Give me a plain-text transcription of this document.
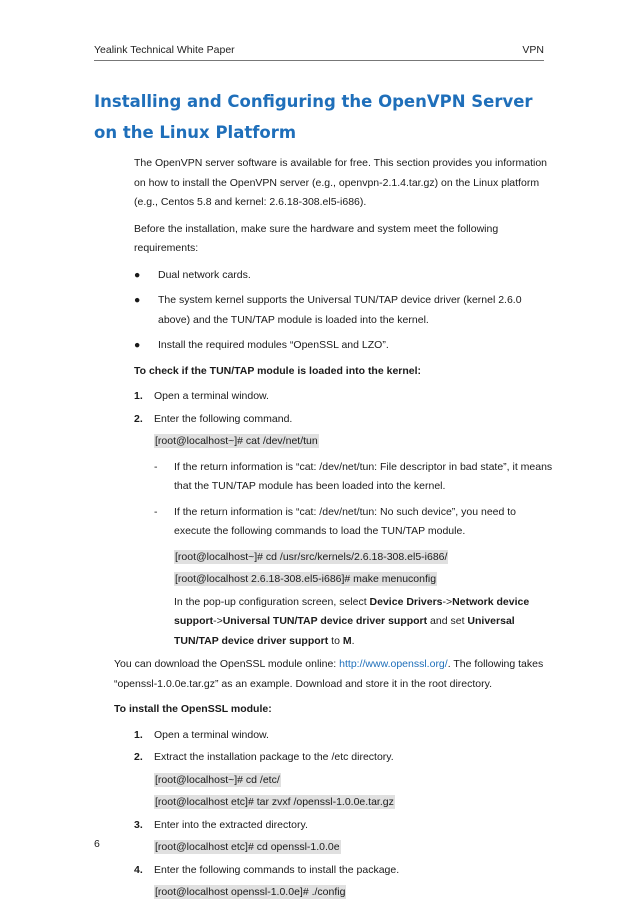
Yealink Technical White Paper	VPN
Installing and Configuring the OpenVPN Server on the Linux Platform

The OpenVPN server software is available for free. This section provides you information on how to install the OpenVPN server (e.g., openvpn-2.1.4.tar.gz) on the Linux platform (e.g., Centos 5.8 and kernel: 2.6.18-308.el5-i686).

Before the installation, make sure the hardware and system meet the following requirements:

● Dual network cards.
● The system kernel supports the Universal TUN/TAP device driver (kernel 2.6.0 above) and the TUN/TAP module is loaded into the kernel.
● Install the required modules “OpenSSL and LZO”.
To check if the TUN/TAP module is loaded into the kernel:
1. Open a terminal window.
2. Enter the following command.
[root@localhost~]# cat /dev/net/tun
- If the return information is “cat: /dev/net/tun: File descriptor in bad state”, it means that the TUN/TAP module has been loaded into the kernel.
- If the return information is “cat: /dev/net/tun: No such device”, you need to execute the following commands to load the TUN/TAP module.
[root@localhost~]# cd /usr/src/kernels/2.6.18-308.el5-i686/
[root@localhost 2.6.18-308.el5-i686]# make menuconfig
In the pop-up configuration screen, select Device Drivers->Network device support->Universal TUN/TAP device driver support and set Universal TUN/TAP device driver support to M.
You can download the OpenSSL module online: http://www.openssl.org/. The following takes “openssl-1.0.0e.tar.gz” as an example. Download and store it in the root directory.
To install the OpenSSL module:
1. Open a terminal window.
2. Extract the installation package to the /etc directory.
[root@localhost~]# cd /etc/
[root@localhost etc]# tar zvxf /openssl-1.0.0e.tar.gz
3. Enter into the extracted directory.
[root@localhost etc]# cd openssl-1.0.0e
4. Enter the following commands to install the package.
[root@localhost openssl-1.0.0e]# ./config
6
